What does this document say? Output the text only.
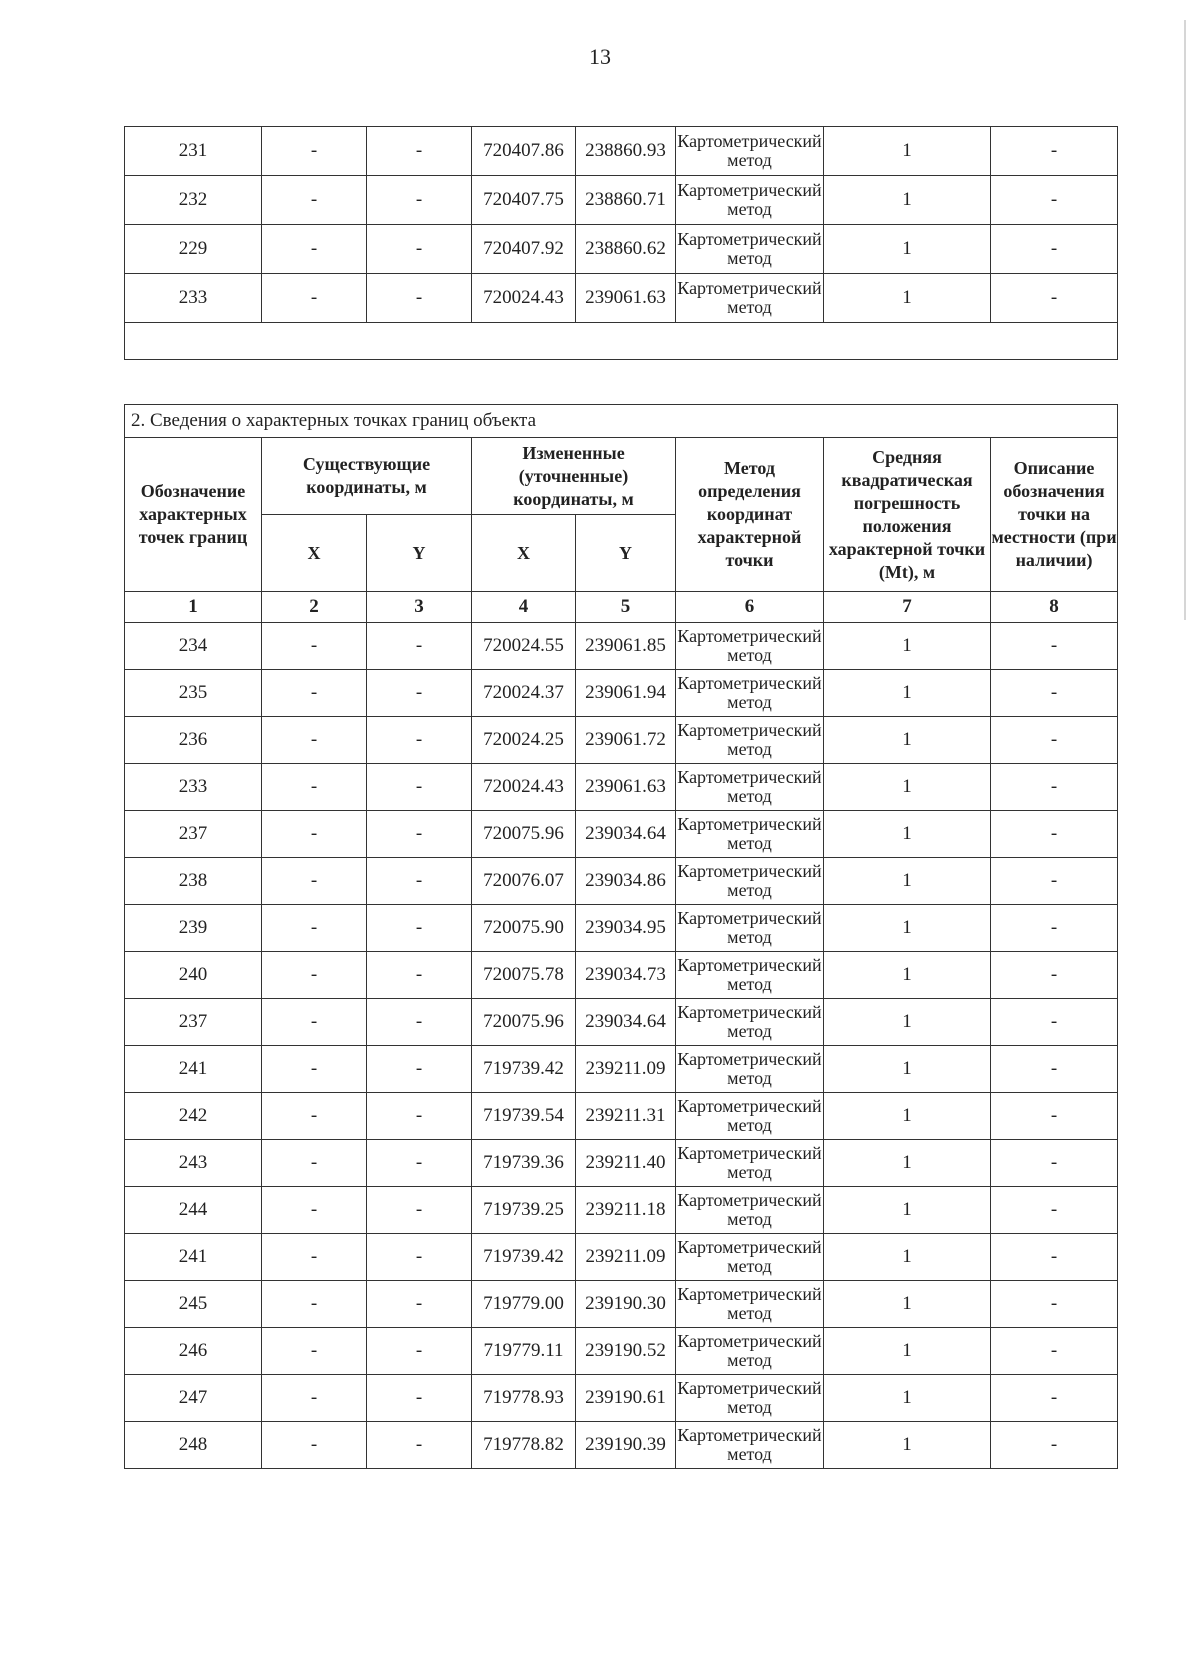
13
231	-	-	720407.86	238860.93	Картометрический метод	1	-
232	-	-	720407.75	238860.71	Картометрический метод	1	-
229	-	-	720407.92	238860.62	Картометрический метод	1	-
233	-	-	720024.43	239061.63	Картометрический метод	1	-

2. Сведения о характерных точках границ объекта							
Обозначение характерных точек границ	Существующие координаты, м		Измененные (уточненные) координаты, м		Метод определения координат характерной точки	Средняя квадратическая погрешность положения характерной точки (Mt), м	Описание обозначения точки на местности (при наличии)
	X	Y	X	Y			
1	2	3	4	5	6	7	8
234	-	-	720024.55	239061.85	Картометрический метод	1	-
235	-	-	720024.37	239061.94	Картометрический метод	1	-
236	-	-	720024.25	239061.72	Картометрический метод	1	-
233	-	-	720024.43	239061.63	Картометрический метод	1	-
237	-	-	720075.96	239034.64	Картометрический метод	1	-
238	-	-	720076.07	239034.86	Картометрический метод	1	-
239	-	-	720075.90	239034.95	Картометрический метод	1	-
240	-	-	720075.78	239034.73	Картометрический метод	1	-
237	-	-	720075.96	239034.64	Картометрический метод	1	-
241	-	-	719739.42	239211.09	Картометрический метод	1	-
242	-	-	719739.54	239211.31	Картометрический метод	1	-
243	-	-	719739.36	239211.40	Картометрический метод	1	-
244	-	-	719739.25	239211.18	Картометрический метод	1	-
241	-	-	719739.42	239211.09	Картометрический метод	1	-
245	-	-	719779.00	239190.30	Картометрический метод	1	-
246	-	-	719779.11	239190.52	Картометрический метод	1	-
247	-	-	719778.93	239190.61	Картометрический метод	1	-
248	-	-	719778.82	239190.39	Картометрический метод	1	-
